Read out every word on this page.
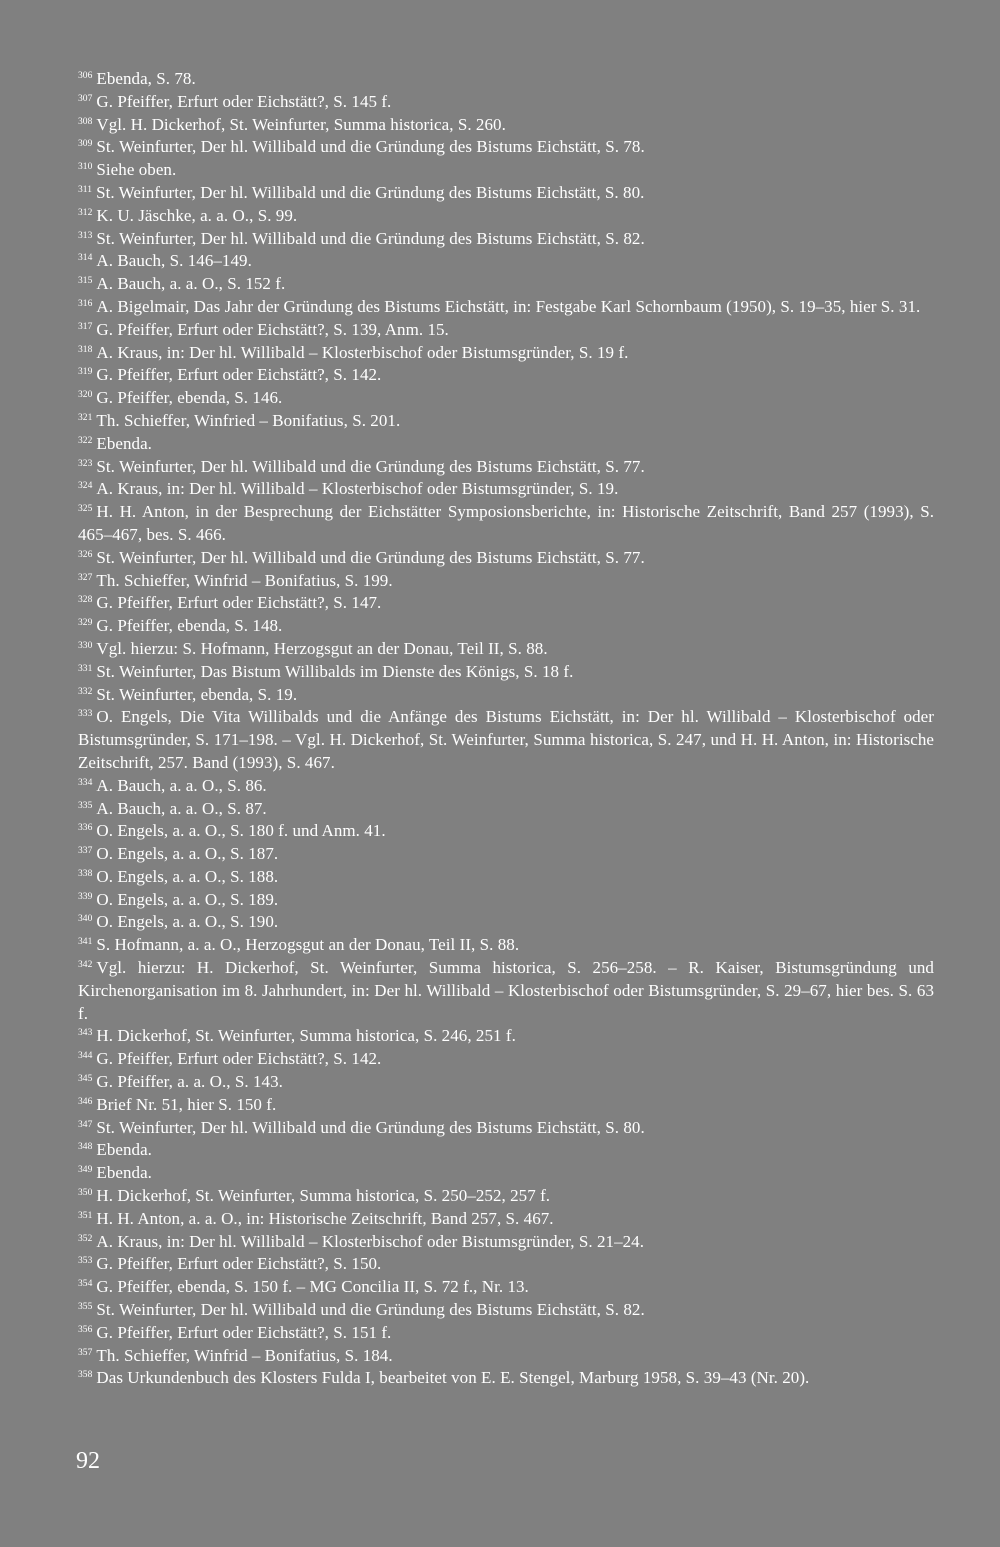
$^{306}$ Ebenda, S. 78.

$^{307}$ G. Pfeiffer, Erfurt oder Eichstätt?, S. 145 f.

$^{308}$ Vgl. H. Dickerhof, St. Weinfurter, Summa historica, S. 260.

$^{309}$ St. Weinfurter, Der hl. Willibald und die Gründung des Bistums Eichstätt, S. 78.

$^{310}$ Siehe oben.

$^{311}$ St. Weinfurter, Der hl. Willibald und die Gründung des Bistums Eichstätt, S. 80.

$^{312}$ K. U. Jäschke, a. a. O., S. 99.

$^{313}$ St. Weinfurter, Der hl. Willibald und die Gründung des Bistums Eichstätt, S. 82.

$^{314}$ A. Bauch, S. 146–149.

$^{315}$ A. Bauch, a. a. O., S. 152 f.

$^{316}$ A. Bigelmair, Das Jahr der Gründung des Bistums Eichstätt, in: Festgabe Karl Schornbaum (1950), S. 19–35, hier S. 31.

$^{317}$ G. Pfeiffer, Erfurt oder Eichstätt?, S. 139, Anm. 15.

$^{318}$ A. Kraus, in: Der hl. Willibald – Klosterbischof oder Bistumsgründer, S. 19 f.

$^{319}$ G. Pfeiffer, Erfurt oder Eichstätt?, S. 142.

$^{320}$ G. Pfeiffer, ebenda, S. 146.

$^{321}$ Th. Schieffer, Winfried – Bonifatius, S. 201.

$^{322}$ Ebenda.

$^{323}$ St. Weinfurter, Der hl. Willibald und die Gründung des Bistums Eichstätt, S. 77.

$^{324}$ A. Kraus, in: Der hl. Willibald – Klosterbischof oder Bistumsgründer, S. 19.

$^{325}$ H. H. Anton, in der Besprechung der Eichstätter Symposionsberichte, in: Historische Zeitschrift, Band 257 (1993), S. 465–467, bes. S. 466.

$^{326}$ St. Weinfurter, Der hl. Willibald und die Gründung des Bistums Eichstätt, S. 77.

$^{327}$ Th. Schieffer, Winfrid – Bonifatius, S. 199.

$^{328}$ G. Pfeiffer, Erfurt oder Eichstätt?, S. 147.

$^{329}$ G. Pfeiffer, ebenda, S. 148.

$^{330}$ Vgl. hierzu: S. Hofmann, Herzogsgut an der Donau, Teil II, S. 88.

$^{331}$ St. Weinfurter, Das Bistum Willibalds im Dienste des Königs, S. 18 f.

$^{332}$ St. Weinfurter, ebenda, S. 19.

$^{333}$ O. Engels, Die Vita Willibalds und die Anfänge des Bistums Eichstätt, in: Der hl. Willibald – Klosterbischof oder Bistumsgründer, S. 171–198. – Vgl. H. Dickerhof, St. Weinfurter, Summa historica, S. 247, und H. H. Anton, in: Historische Zeitschrift, 257. Band (1993), S. 467.

$^{334}$ A. Bauch, a. a. O., S. 86.

$^{335}$ A. Bauch, a. a. O., S. 87.

$^{336}$ O. Engels, a. a. O., S. 180 f. und Anm. 41.

$^{337}$ O. Engels, a. a. O., S. 187.

$^{338}$ O. Engels, a. a. O., S. 188.

$^{339}$ O. Engels, a. a. O., S. 189.

$^{340}$ O. Engels, a. a. O., S. 190.

$^{341}$ S. Hofmann, a. a. O., Herzogsgut an der Donau, Teil II, S. 88.

$^{342}$ Vgl. hierzu: H. Dickerhof, St. Weinfurter, Summa historica, S. 256–258. – R. Kaiser, Bistumsgründung und Kirchenorganisation im 8. Jahrhundert, in: Der hl. Willibald – Klosterbischof oder Bistumsgründer, S. 29–67, hier bes. S. 63 f.

$^{343}$ H. Dickerhof, St. Weinfurter, Summa historica, S. 246, 251 f.

$^{344}$ G. Pfeiffer, Erfurt oder Eichstätt?, S. 142.

$^{345}$ G. Pfeiffer, a. a. O., S. 143.

$^{346}$ Brief Nr. 51, hier S. 150 f.

$^{347}$ St. Weinfurter, Der hl. Willibald und die Gründung des Bistums Eichstätt, S. 80.

$^{348}$ Ebenda.

$^{349}$ Ebenda.

$^{350}$ H. Dickerhof, St. Weinfurter, Summa historica, S. 250–252, 257 f.

$^{351}$ H. H. Anton, a. a. O., in: Historische Zeitschrift, Band 257, S. 467.

$^{352}$ A. Kraus, in: Der hl. Willibald – Klosterbischof oder Bistumsgründer, S. 21–24.

$^{353}$ G. Pfeiffer, Erfurt oder Eichstätt?, S. 150.

$^{354}$ G. Pfeiffer, ebenda, S. 150 f. – MG Concilia II, S. 72 f., Nr. 13.

$^{355}$ St. Weinfurter, Der hl. Willibald und die Gründung des Bistums Eichstätt, S. 82.

$^{356}$ G. Pfeiffer, Erfurt oder Eichstätt?, S. 151 f.

$^{357}$ Th. Schieffer, Winfrid – Bonifatius, S. 184.

$^{358}$ Das Urkundenbuch des Klosters Fulda I, bearbeitet von E. E. Stengel, Marburg 1958, S. 39–43 (Nr. 20).

92
